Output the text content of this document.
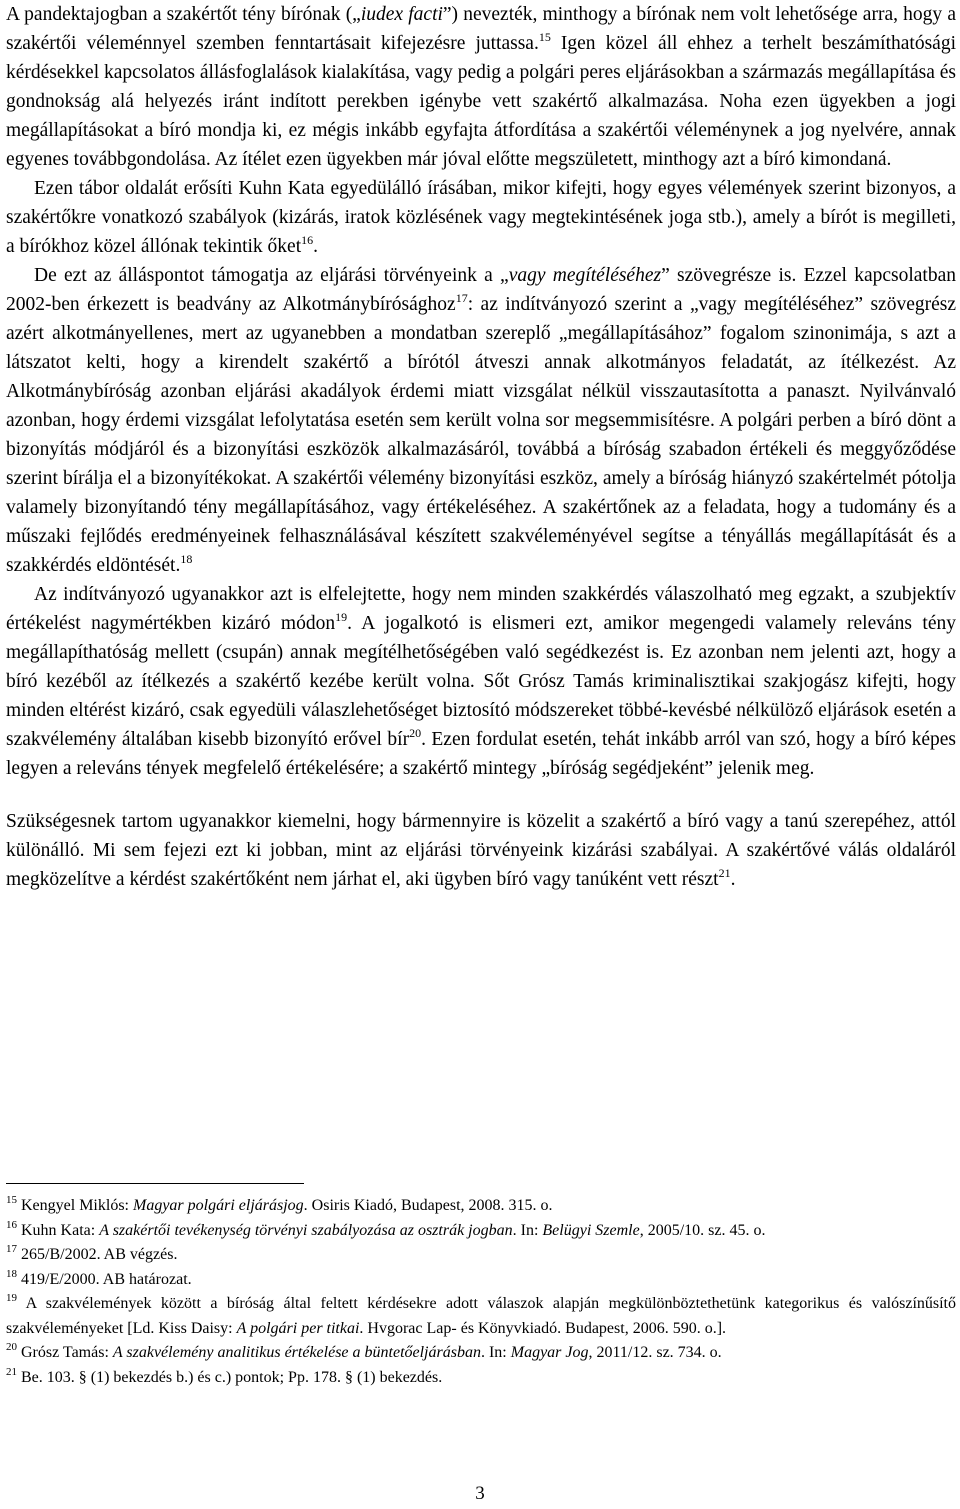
A pandektajogban a szakértőt tény bírónak („iudex facti”) nevezték, minthogy a bírónak nem volt lehetősége arra, hogy a szakértői véleménnyel szemben fenntartásait kifejezésre juttassa.$^{15}$ Igen közel áll ehhez a terhelt beszámíthatósági kérdésekkel kapcsolatos állásfoglalások kialakítása, vagy pedig a polgári peres eljárásokban a származás megállapítása és gondnokság alá helyezés iránt indított perekben igénybe vett szakértő alkalmazása. Noha ezen ügyekben a jogi megállapításokat a bíró mondja ki, ez mégis inkább egyfajta átfordítása a szakértői véleménynek a jog nyelvére, annak egyenes továbbgondolása. Az ítélet ezen ügyekben már jóval előtte megszületett, minthogy azt a bíró kimondaná.

Ezen tábor oldalát erősíti Kuhn Kata egyedülálló írásában, mikor kifejti, hogy egyes vélemények szerint bizonyos, a szakértőkre vonatkozó szabályok (kizárás, iratok közlésének vagy megtekintésének joga stb.), amely a bírót is megilleti, a bírókhoz közel állónak tekintik őket$^{16}$.

De ezt az álláspontot támogatja az eljárási törvényeink a „vagy megítéléséhez” szövegrésze is. Ezzel kapcsolatban 2002-ben érkezett is beadvány az Alkotmánybírósághoz$^{17}$: az indítványozó szerint a „vagy megítéléséhez” szövegrész azért alkotmányellenes, mert az ugyanebben a mondatban szereplő „megállapításához” fogalom szinonimája, s azt a látszatot kelti, hogy a kirendelt szakértő a bírótól átveszi annak alkotmányos feladatát, az ítélkezést. Az Alkotmánybíróság azonban eljárási akadályok érdemi miatt vizsgálat nélkül visszautasította a panaszt. Nyilvánvaló azonban, hogy érdemi vizsgálat lefolytatása esetén sem került volna sor megsemmisítésre. A polgári perben a bíró dönt a bizonyítás módjáról és a bizonyítási eszközök alkalmazásáról, továbbá a bíróság szabadon értékeli és meggyőződése szerint bírálja el a bizonyítékokat. A szakértői vélemény bizonyítási eszköz, amely a bíróság hiányzó szakértelmét pótolja valamely bizonyítandó tény megállapításához, vagy értékeléséhez. A szakértőnek az a feladata, hogy a tudomány és a műszaki fejlődés eredményeinek felhasználásával készített szakvéleményével segítse a tényállás megállapítását és a szakkérdés eldöntését.$^{18}$

Az indítványozó ugyanakkor azt is elfelejtette, hogy nem minden szakkérdés válaszolható meg egzakt, a szubjektív értékelést nagymértékben kizáró módon$^{19}$. A jogalkotó is elismeri ezt, amikor megengedi valamely releváns tény megállapíthatóság mellett (csupán) annak megítélhetőségében való segédkezést is. Ez azonban nem jelenti azt, hogy a bíró kezéből az ítélkezés a szakértő kezébe került volna. Sőt Grósz Tamás kriminalisztikai szakjogász kifejti, hogy minden eltérést kizáró, csak egyedüli válaszlehetőséget biztosító módszereket többé-kevésbé nélkülöző eljárások esetén a szakvélemény általában kisebb bizonyító erővel bír$^{20}$. Ezen fordulat esetén, tehát inkább arról van szó, hogy a bíró képes legyen a releváns tények megfelelő értékelésére; a szakértő mintegy „bíróság segédjeként” jelenik meg.

Szükségesnek tartom ugyanakkor kiemelni, hogy bármennyire is közelit a szakértő a bíró vagy a tanú szerepéhez, attól különálló. Mi sem fejezi ezt ki jobban, mint az eljárási törvényeink kizárási szabályai. A szakértővé válás oldaláról megközelítve a kérdést szakértőként nem járhat el, aki ügyben bíró vagy tanúként vett részt$^{21}$.

$^{15}$ Kengyel Miklós: Magyar polgári eljárásjog. Osiris Kiadó, Budapest, 2008. 315. o.

$^{16}$ Kuhn Kata: A szakértői tevékenység törvényi szabályozása az osztrák jogban. In: Belügyi Szemle, 2005/10. sz. 45. o.

$^{17}$ 265/B/2002. AB végzés.

$^{18}$ 419/E/2000. AB határozat.

$^{19}$ A szakvélemények között a bíróság által feltett kérdésekre adott válaszok alapján megkülönböztethetünk kategorikus és valószínűsítő szakvéleményeket [Ld. Kiss Daisy: A polgári per titkai. Hvgorac Lap- és Könyvkiadó. Budapest, 2006. 590. o.].

$^{20}$ Grósz Tamás: A szakvélemény analitikus értékelése a büntetőeljárásban. In: Magyar Jog, 2011/12. sz. 734. o.

$^{21}$ Be. 103. § (1) bekezdés b.) és c.) pontok; Pp. 178. § (1) bekezdés.

3
